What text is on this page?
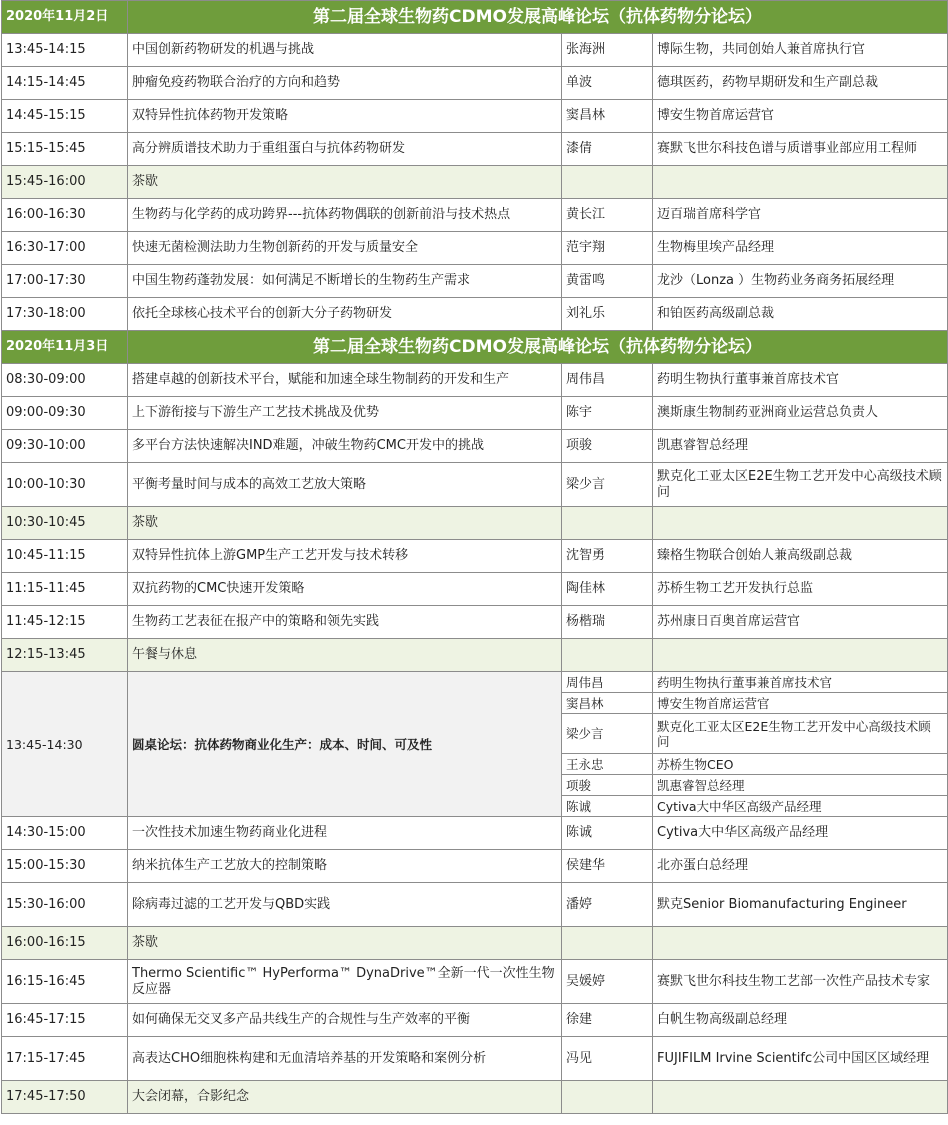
2020年11月2日	第二届全球生物药CDMO发展高峰论坛（抗体药物分论坛）		
13:45-14:15	中国创新药物研发的机遇与挑战	张海洲	博际生物，共同创始人兼首席执行官
14:15-14:45	肿瘤免疫药物联合治疗的方向和趋势	单波	德琪医药，药物早期研发和生产副总裁
14:45-15:15	双特异性抗体药物开发策略	窦昌林	博安生物首席运营官
15:15-15:45	高分辨质谱技术助力于重组蛋白与抗体药物研发	漆倩	赛默飞世尔科技色谱与质谱事业部应用工程师
15:45-16:00	茶歇		
16:00-16:30	生物药与化学药的成功跨界---抗体药物偶联的创新前沿与技术热点	黄长江	迈百瑞首席科学官
16:30-17:00	快速无菌检测法助力生物创新药的开发与质量安全	范宇翔	生物梅里埃产品经理
17:00-17:30	中国生物药蓬勃发展：如何满足不断增长的生物药生产需求	黄雷鸣	龙沙（Lonza ）生物药业务商务拓展经理
17:30-18:00	依托全球核心技术平台的创新大分子药物研发	刘礼乐	和铂医药高级副总裁
2020年11月3日	第二届全球生物药CDMO发展高峰论坛（抗体药物分论坛）		
08:30-09:00	搭建卓越的创新技术平台，赋能和加速全球生物制药的开发和生产	周伟昌	药明生物执行董事兼首席技术官
09:00-09:30	上下游衔接与下游生产工艺技术挑战及优势	陈宇	澳斯康生物制药亚洲商业运营总负责人
09:30-10:00	多平台方法快速解决IND难题，冲破生物药CMC开发中的挑战	项骏	凯惠睿智总经理
10:00-10:30	平衡考量时间与成本的高效工艺放大策略	梁少言	默克化工亚太区E2E生物工艺开发中心高级技术顾问
10:30-10:45	茶歇		
10:45-11:15	双特异性抗体上游GMP生产工艺开发与技术转移	沈智勇	臻格生物联合创始人兼高级副总裁
11:15-11:45	双抗药物的CMC快速开发策略	陶佳林	苏桥生物工艺开发执行总监
11:45-12:15	生物药工艺表征在报产中的策略和领先实践	杨楷瑞	苏州康日百奥首席运营官
12:15-13:45	午餐与休息		
13:45-14:30	圆桌论坛：抗体药物商业化生产：成本、时间、可及性	周伟昌	药明生物执行董事兼首席技术官
		窦昌林	博安生物首席运营官
		梁少言	默克化工亚太区E2E生物工艺开发中心高级技术顾问
		王永忠	苏桥生物CEO
		项骏	凯惠睿智总经理
		陈诚	Cytiva大中华区高级产品经理
14:30-15:00	一次性技术加速生物药商业化进程	陈诚	Cytiva大中华区高级产品经理
15:00-15:30	纳米抗体生产工艺放大的控制策略	侯建华	北亦蛋白总经理
15:30-16:00	除病毒过滤的工艺开发与QBD实践	潘婷	默克Senior Biomanufacturing Engineer
16:00-16:15	茶歇		
16:15-16:45	Thermo Scientific™ HyPerforma™ DynaDrive™全新一代一次性生物反应器	吴媛婷	赛默飞世尔科技生物工艺部一次性产品技术专家
16:45-17:15	如何确保无交叉多产品共线生产的合规性与生产效率的平衡	徐建	白帆生物高级副总经理
17:15-17:45	高表达CHO细胞株构建和无血清培养基的开发策略和案例分析	冯见	FUJIFILM Irvine Scientifc公司中国区区域经理
17:45-17:50	大会闭幕，合影纪念		
